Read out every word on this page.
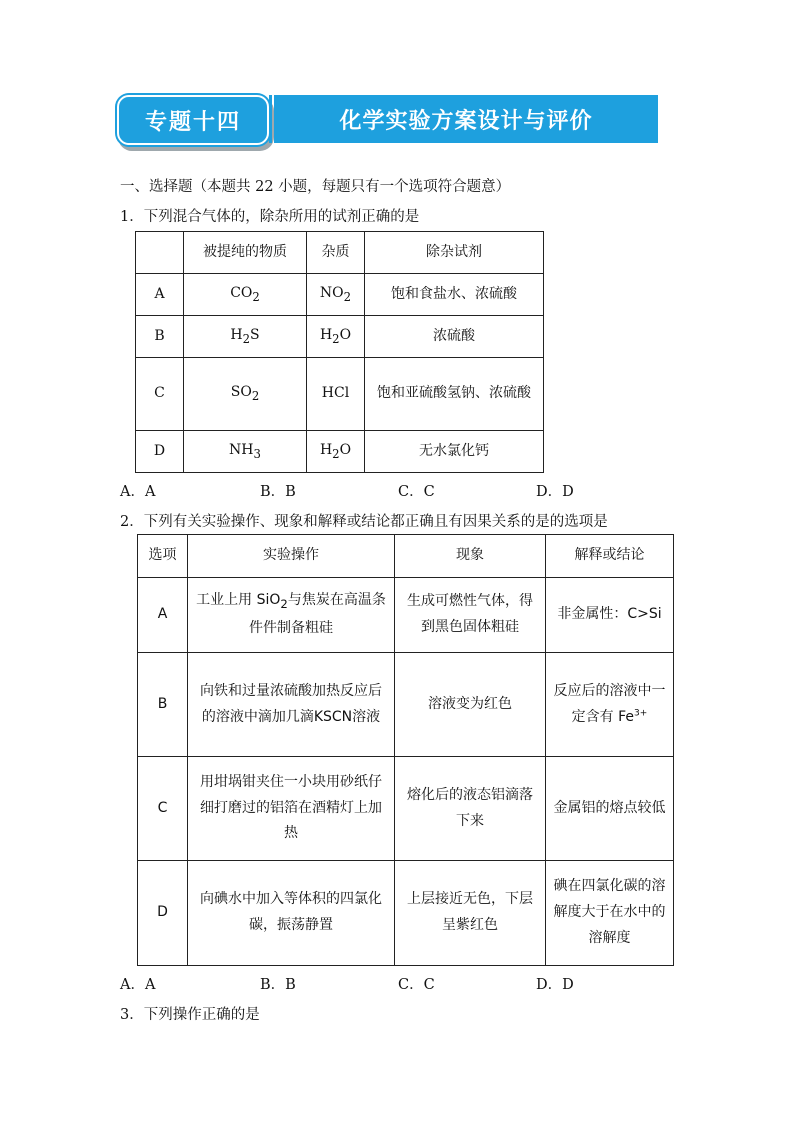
专题十四	化学实验方案设计与评价
一、选择题（本题共 22 小题，每题只有一个选项符合题意）
1．下列混合气体的，除杂所用的试剂正确的是
	被提纯的物质	杂质	除杂试剂
A	$CO_2$	$NO_2$	饱和食盐水、浓硫酸
B	$H_2S$	$H_2O$	浓硫酸
C	$SO_2$	HCl	饱和亚硫酸氢钠、浓硫酸
D	$NH_3$	$H_2O$	无水氯化钙
A．A	B．B	C．C	D．D
2．下列有关实验操作、现象和解释或结论都正确且有因果关系的是的选项是
选项	实验操作	现象	解释或结论
A	工业上用 SiO$_2$与焦炭在高温条件件制备粗硅	生成可燃性气体，得到黑色固体粗硅	非金属性：C>Si
B	向铁和过量浓硫酸加热反应后的溶液中滴加几滴KSCN溶液	溶液变为红色	反应后的溶液中一定含有 $Fe^{3+}$
C	用坩埚钳夹住一小块用砂纸仔细打磨过的铝箔在酒精灯上加热	熔化后的液态铝滴落下来	金属铝的熔点较低
D	向碘水中加入等体积的四氯化碳，振荡静置	上层接近无色，下层呈紫红色	碘在四氯化碳的溶解度大于在水中的溶解度
A．A	B．B	C．C	D．D
3．下列操作正确的是
